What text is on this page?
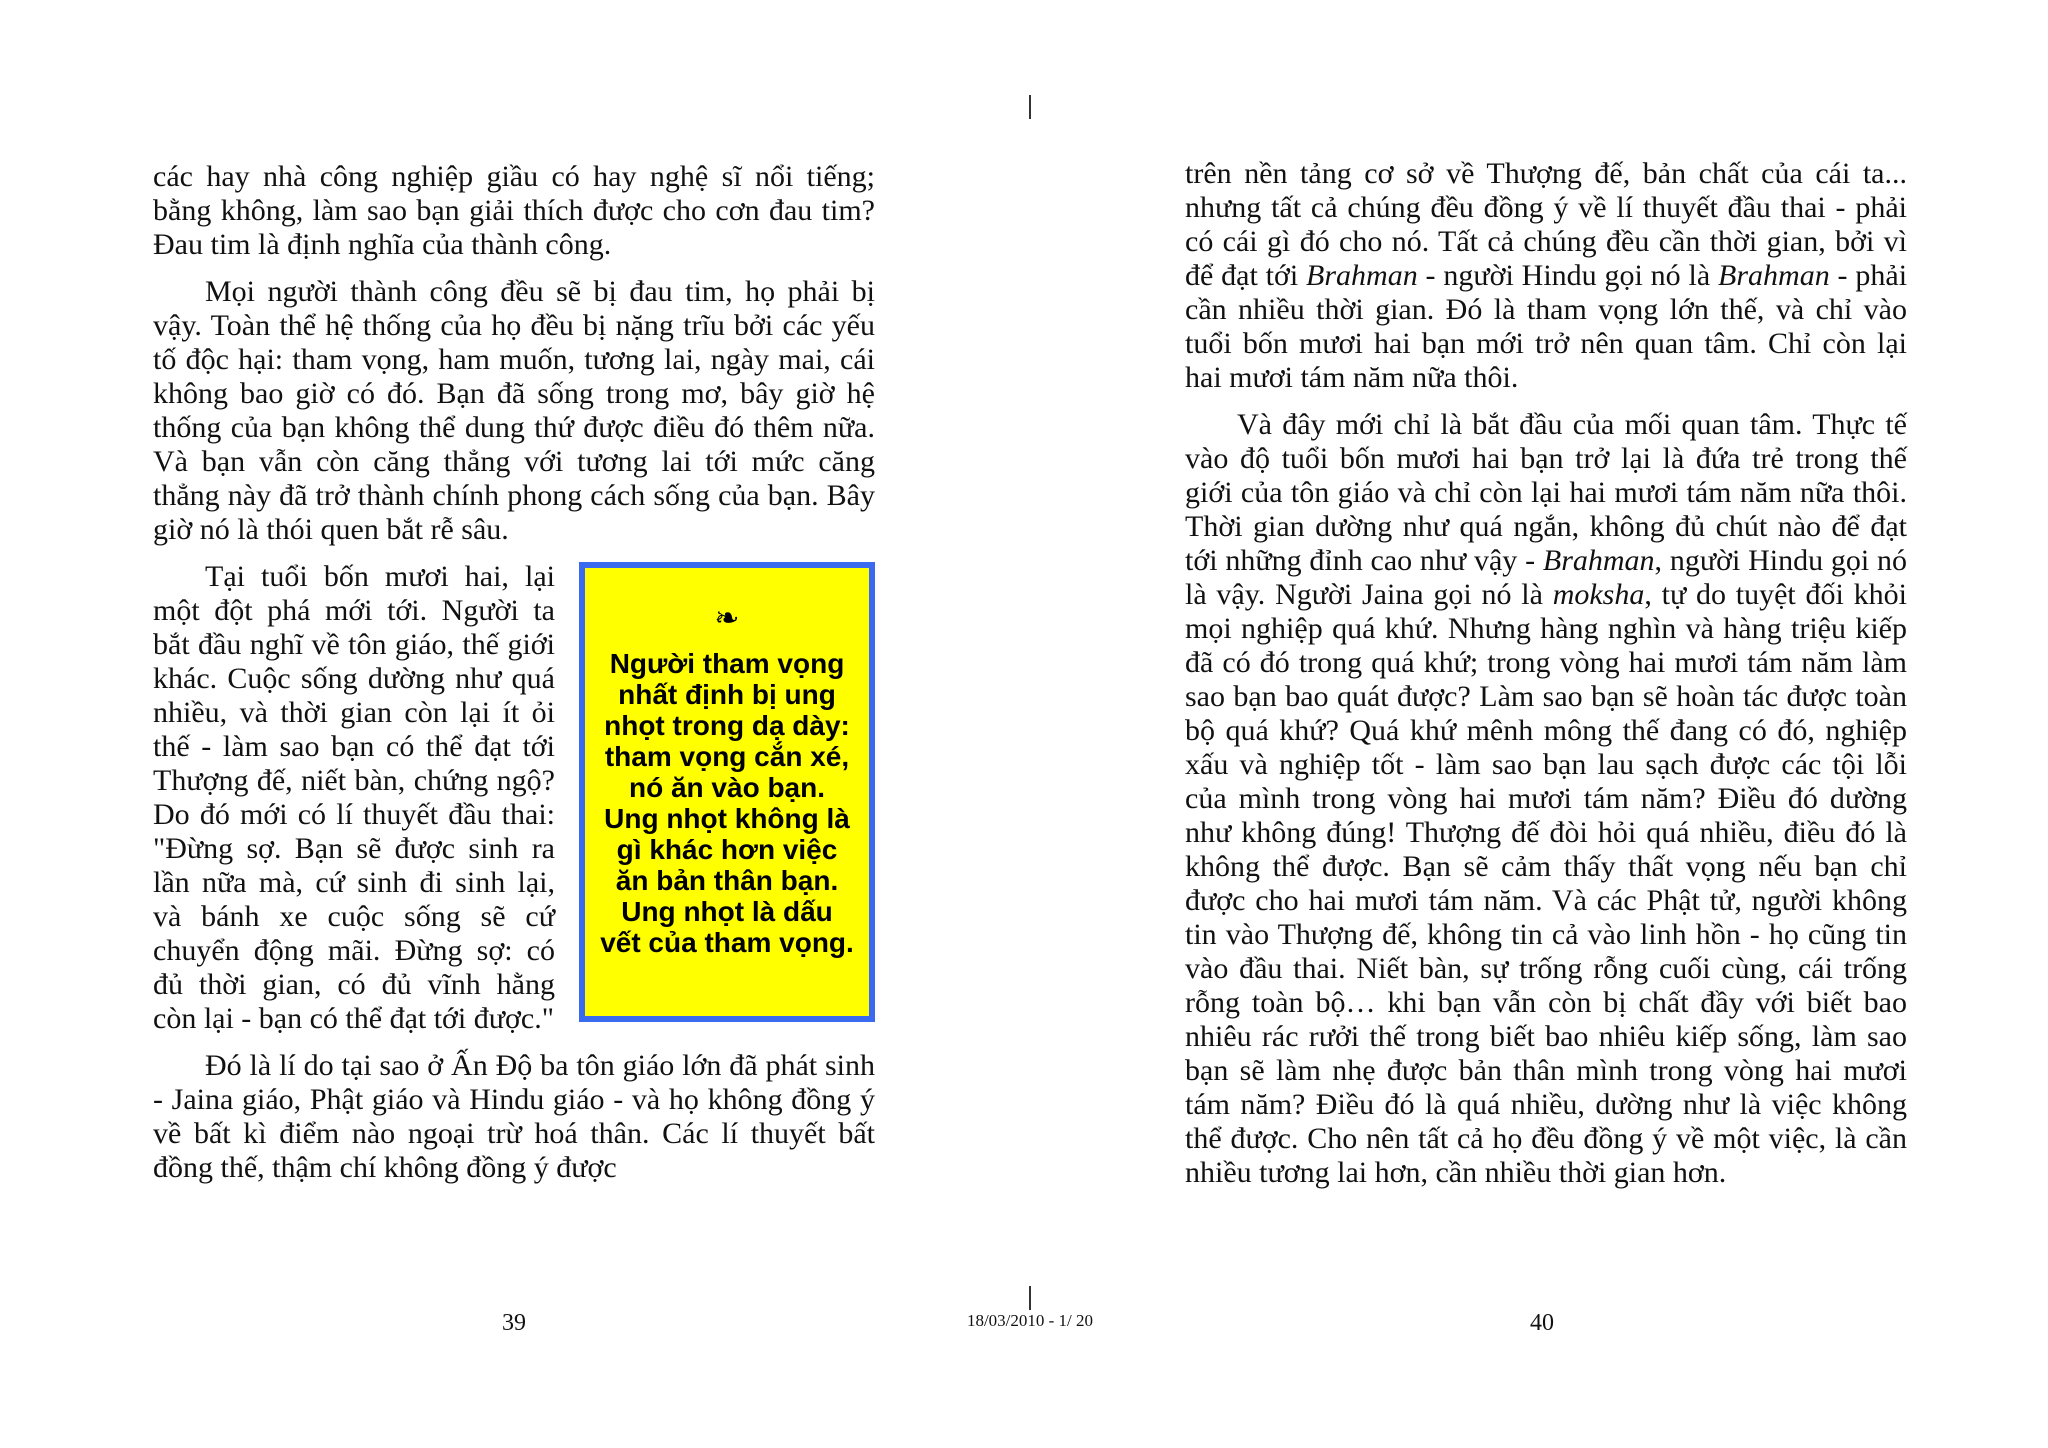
các hay nhà công nghiệp giầu có hay nghệ sĩ nổi tiếng; bằng không, làm sao bạn giải thích được cho cơn đau tim? Đau tim là định nghĩa của thành công.

Mọi người thành công đều sẽ bị đau tim, họ phải bị vậy. Toàn thể hệ thống của họ đều bị nặng trĩu bởi các yếu tố độc hại: tham vọng, ham muốn, tương lai, ngày mai, cái không bao giờ có đó. Bạn đã sống trong mơ, bây giờ hệ thống của bạn không thể dung thứ được điều đó thêm nữa. Và bạn vẫn còn căng thẳng với tương lai tới mức căng thẳng này đã trở thành chính phong cách sống của bạn. Bây giờ nó là thói quen bắt rễ sâu.

❧
Người tham vọng nhất định bị ung nhọt trong dạ dày: tham vọng cắn xé, nó ăn vào bạn. Ung nhọt không là gì khác hơn việc ăn bản thân bạn. Ung nhọt là dấu vết của tham vọng.

Tại tuổi bốn mươi hai, lại một đột phá mới tới. Người ta bắt đầu nghĩ về tôn giáo, thế giới khác. Cuộc sống dường như quá nhiều, và thời gian còn lại ít ỏi thế - làm sao bạn có thể đạt tới Thượng đế, niết bàn, chứng ngộ? Do đó mới có lí thuyết đầu thai: "Đừng sợ. Bạn sẽ được sinh ra lần nữa mà, cứ sinh đi sinh lại, và bánh xe cuộc sống sẽ cứ chuyển động mãi. Đừng sợ: có đủ thời gian, có đủ vĩnh hằng còn lại - bạn có thể đạt tới được."

Đó là lí do tại sao ở Ấn Độ ba tôn giáo lớn đã phát sinh - Jaina giáo, Phật giáo và Hindu giáo - và họ không đồng ý về bất kì điểm nào ngoại trừ hoá thân. Các lí thuyết bất đồng thế, thậm chí không đồng ý được

39

trên nền tảng cơ sở về Thượng đế, bản chất của cái ta... nhưng tất cả chúng đều đồng ý về lí thuyết đầu thai - phải có cái gì đó cho nó. Tất cả chúng đều cần thời gian, bởi vì để đạt tới Brahman - người Hindu gọi nó là Brahman - phải cần nhiều thời gian. Đó là tham vọng lớn thế, và chỉ vào tuổi bốn mươi hai bạn mới trở nên quan tâm. Chỉ còn lại hai mươi tám năm nữa thôi.

Và đây mới chỉ là bắt đầu của mối quan tâm. Thực tế vào độ tuổi bốn mươi hai bạn trở lại là đứa trẻ trong thế giới của tôn giáo và chỉ còn lại hai mươi tám năm nữa thôi. Thời gian dường như quá ngắn, không đủ chút nào để đạt tới những đỉnh cao như vậy - Brahman, người Hindu gọi nó là vậy. Người Jaina gọi nó là moksha, tự do tuyệt đối khỏi mọi nghiệp quá khứ. Nhưng hàng nghìn và hàng triệu kiếp đã có đó trong quá khứ; trong vòng hai mươi tám năm làm sao bạn bao quát được? Làm sao bạn sẽ hoàn tác được toàn bộ quá khứ? Quá khứ mênh mông thế đang có đó, nghiệp xấu và nghiệp tốt - làm sao bạn lau sạch được các tội lỗi của mình trong vòng hai mươi tám năm? Điều đó dường như không đúng! Thượng đế đòi hỏi quá nhiều, điều đó là không thể được. Bạn sẽ cảm thấy thất vọng nếu bạn chỉ được cho hai mươi tám năm. Và các Phật tử, người không tin vào Thượng đế, không tin cả vào linh hồn - họ cũng tin vào đầu thai. Niết bàn, sự trống rỗng cuối cùng, cái trống rỗng toàn bộ… khi bạn vẫn còn bị chất đầy với biết bao nhiêu rác rưởi thế trong biết bao nhiêu kiếp sống, làm sao bạn sẽ làm nhẹ được bản thân mình trong vòng hai mươi tám năm? Điều đó là quá nhiều, dường như là việc không thể được. Cho nên tất cả họ đều đồng ý về một việc, là cần nhiều tương lai hơn, cần nhiều thời gian hơn.

40
18/03/2010 - 1/ 20
